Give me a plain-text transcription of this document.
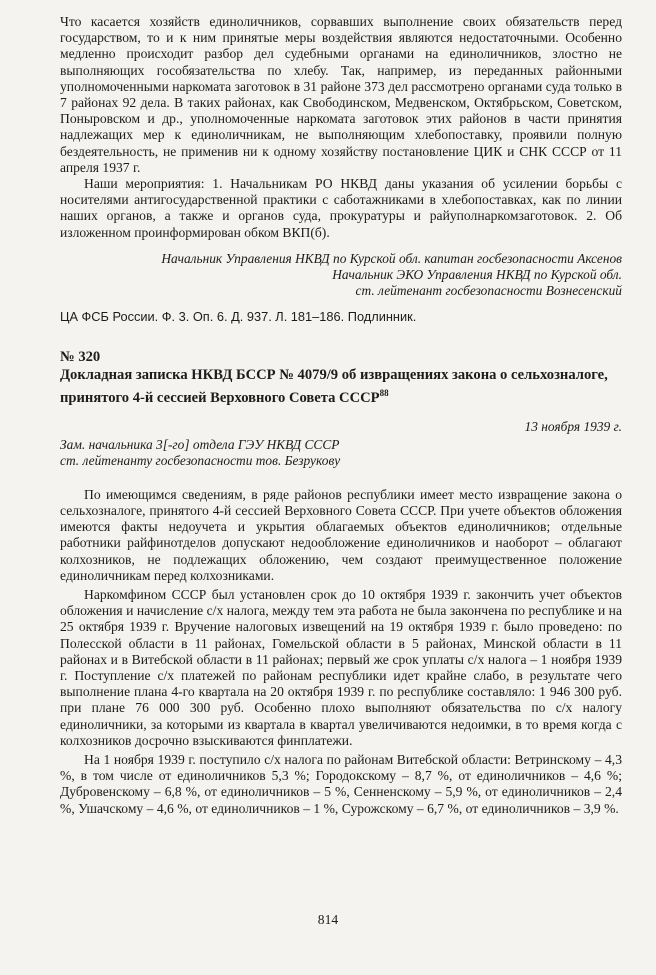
Что касается хозяйств единоличников, сорвавших выполнение своих обязательств перед государством, то и к ним принятые меры воздействия являются недостаточными. Особенно медленно происходит разбор дел судебными органами на единоличников, злостно не выполняющих гособязательства по хлебу. Так, например, из переданных районными уполномоченными наркомата заготовок в 31 районе 373 дел рассмотрено органами суда только в 7 районах 92 дела. В таких районах, как Свободинском, Медвенском, Октябрьском, Советском, Поныровском и др., уполномоченные наркомата заготовок этих районов в части принятия надлежащих мер к единоличникам, не выполняющим хлебопоставку, проявили полную бездеятельность, не применив ни к одному хозяйству постановление ЦИК и СНК СССР от 11 апреля 1937 г.

Наши мероприятия: 1. Начальникам РО НКВД даны указания об усилении борьбы с носителями антигосударственной практики с саботажниками в хлебопоставках, как по линии наших органов, а также и органов суда, прокуратуры и райуполнаркомзаготовок. 2. Об изложенном проинформирован обком ВКП(б).

Начальник Управления НКВД по Курской обл. капитан госбезопасности Аксенов
Начальник ЭКО Управления НКВД по Курской обл.
ст. лейтенант госбезопасности Вознесенский
ЦА ФСБ России. Ф. 3. Оп. 6. Д. 937. Л. 181–186. Подлинник.
№ 320
Докладная записка НКВД БССР № 4079/9 об извращениях закона о сельхозналоге, принятого 4-й сессией Верховного Совета СССР$^{88}$
13 ноября 1939 г.
Зам. начальника 3[-го] отдела ГЭУ НКВД СССР
ст. лейтенанту госбезопасности тов. Безрукову

По имеющимся сведениям, в ряде районов республики имеет место извращение закона о сельхозналоге, принятого 4-й сессией Верховного Совета СССР. При учете объектов обложения имеются факты недоучета и укрытия облагаемых объектов единоличников; отдельные работники райфинотделов допускают недообложение единоличников и наоборот – облагают колхозников, не подлежащих обложению, чем создают преимущественное положение единоличникам перед колхозниками.

Наркомфином СССР был установлен срок до 10 октября 1939 г. закончить учет объектов обложения и начисление с/х налога, между тем эта работа не была закончена по республике и на 25 октября 1939 г. Вручение налоговых извещений на 19 октября 1939 г. было проведено: по Полесской области в 11 районах, Гомельской области в 5 районах, Минской области в 11 районах и в Витебской области в 11 районах; первый же срок уплаты с/х налога – 1 ноября 1939 г. Поступление с/х платежей по районам республики идет крайне слабо, в результате чего выполнение плана 4-го квартала на 20 октября 1939 г. по республике составляло: 1 946 300 руб. при плане 76 000 300 руб. Особенно плохо выполняют обязательства по с/х налогу единоличники, за которыми из квартала в квартал увеличиваются недоимки, в то время когда с колхозников досрочно взыскиваются финплатежи.

На 1 ноября 1939 г. поступило с/х налога по районам Витебской области: Ветринскому – 4,3 %, в том числе от единоличников 5,3 %; Городокскому – 8,7 %, от единоличников – 4,6 %; Дубровенскому – 6,8 %, от единоличников – 5 %, Сенненскому – 5,9 %, от единоличников – 2,4 %, Ушачскому – 4,6 %, от единоличников – 1 %, Сурожскому – 6,7 %, от единоличников – 3,9 %.

814
